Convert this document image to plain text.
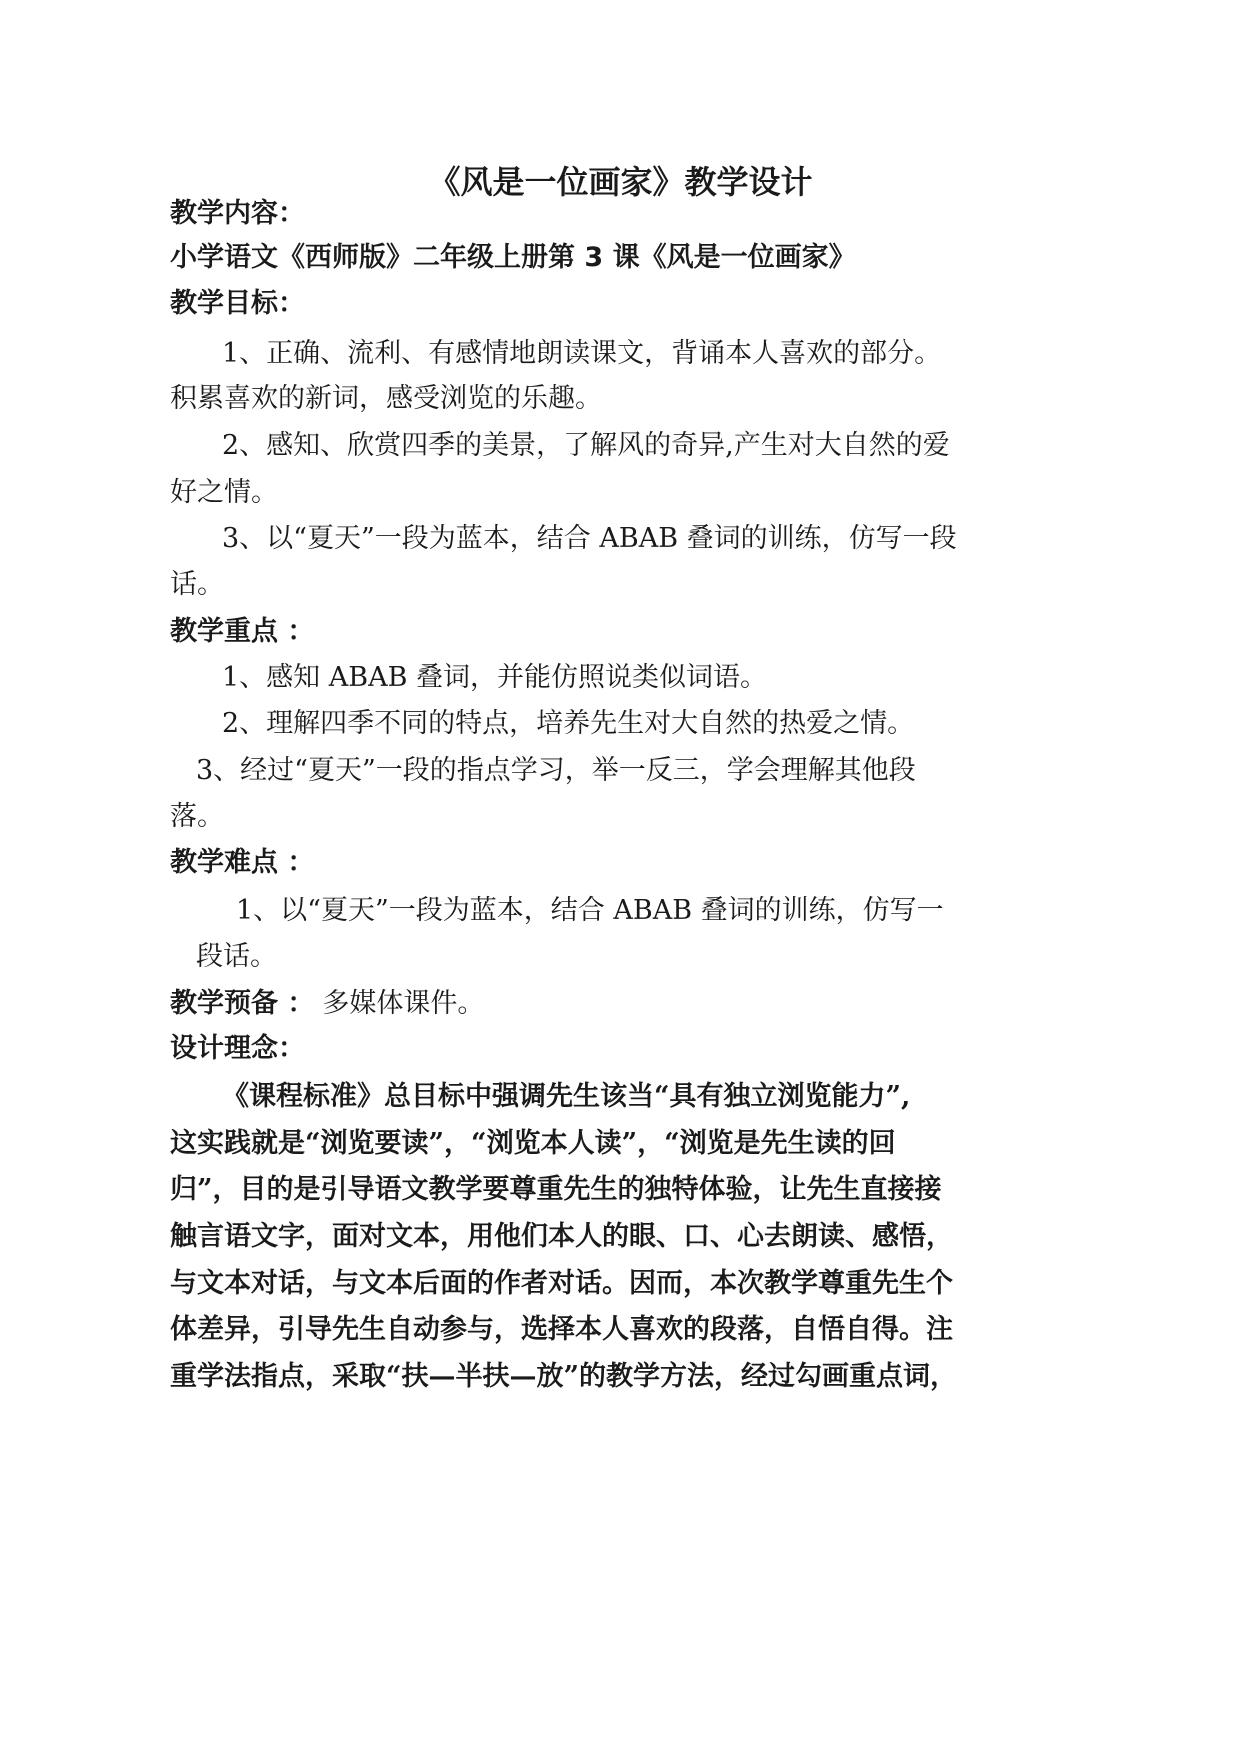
《风是一位画家》教学设计
教学内容：
小学语文《西师版》二年级上册第 3 课《风是一位画家》
教学目标：
1、正确、流利、有感情地朗读课文，背诵本人喜欢的部分。
积累喜欢的新词，感受浏览的乐趣。
2、感知、欣赏四季的美景，了解风的奇异,产生对大自然的爱
好之情。
3、以“夏天”一段为蓝本，结合 ABAB 叠词的训练，仿写一段
话。
教学重点 ：
1、感知 ABAB 叠词，并能仿照说类似词语。
2、理解四季不同的特点，培养先生对大自然的热爱之情。
3、经过“夏天”一段的指点学习，举一反三，学会理解其他段
落。
教学难点 ：
1、以“夏天”一段为蓝本，结合 ABAB 叠词的训练，仿写一
段话。
教学预备 ： 多媒体课件。
设计理念：
《课程标准》总目标中强调先生该当“具有独立浏览能力”,
这实践就是“浏览要读”，“浏览本人读”，“浏览是先生读的回
归”，目的是引导语文教学要尊重先生的独特体验，让先生直接接
触言语文字，面对文本，用他们本人的眼、口、心去朗读、感悟，
与文本对话，与文本后面的作者对话。因而，本次教学尊重先生个
体差异，引导先生自动参与，选择本人喜欢的段落，自悟自得。注
重学法指点，采取“扶—半扶—放”的教学方法，经过勾画重点词，
